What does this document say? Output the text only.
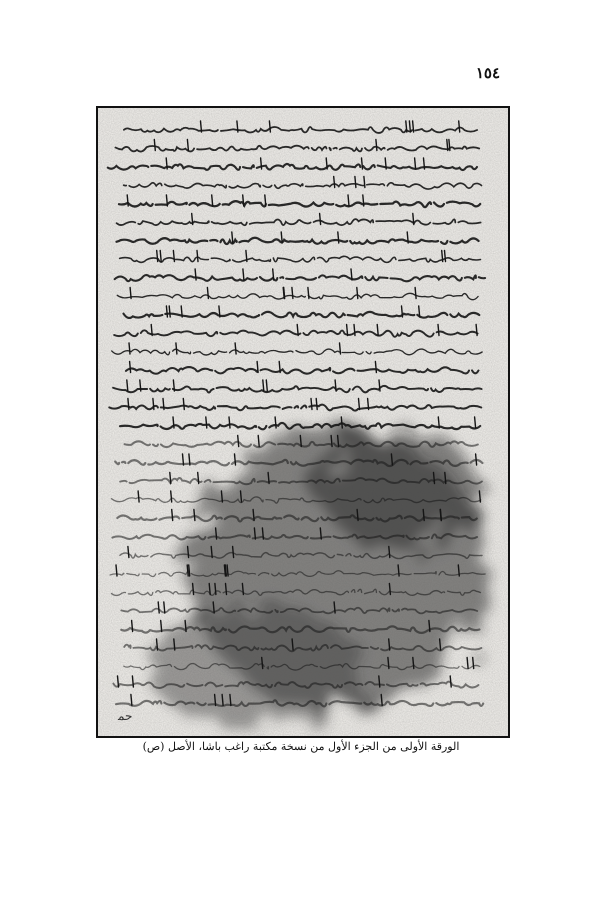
١٥٤
ﺣﻤ
الورقة الأولى من الجزء الأول من نسخة مكتبة راغب باشا، الأصل (ص)
